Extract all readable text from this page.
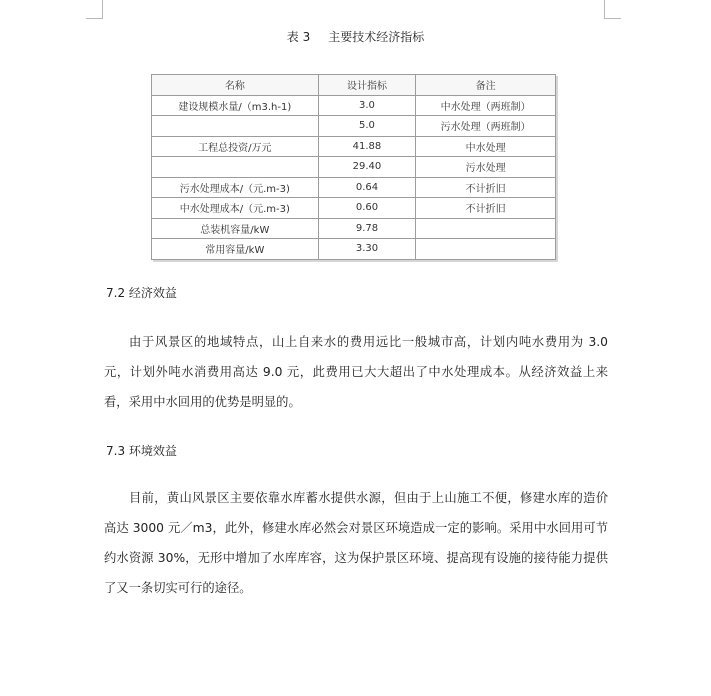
表 3 主要技术经济指标
名称	设计指标	备注
建设规模水量/（m3.h-1)	3.0	中水处理（两班制）
	5.0	污水处理（两班制）
工程总投资/万元	41.88	中水处理
	29.40	污水处理
污水处理成本/（元.m-3)	0.64	不计折旧
中水处理成本/（元.m-3)	0.60	不计折旧
总装机容量/kW	9.78	
常用容量/kW	3.30	
7.2 经济效益

由于风景区的地域特点，山上自来水的费用远比一般城市高，计划内吨水费用为 3.0 元，计划外吨水消费用高达 9.0 元，此费用已大大超出了中水处理成本。从经济效益上来看，采用中水回用的优势是明显的。

7.3 环境效益

目前，黄山风景区主要依靠水库蓄水提供水源，但由于上山施工不便，修建水库的造价高达 3000 元／m3，此外，修建水库必然会对景区环境造成一定的影响。采用中水回用可节约水资源 30%，无形中增加了水库库容，这为保护景区环境、提高现有设施的接待能力提供了又一条切实可行的途径。
